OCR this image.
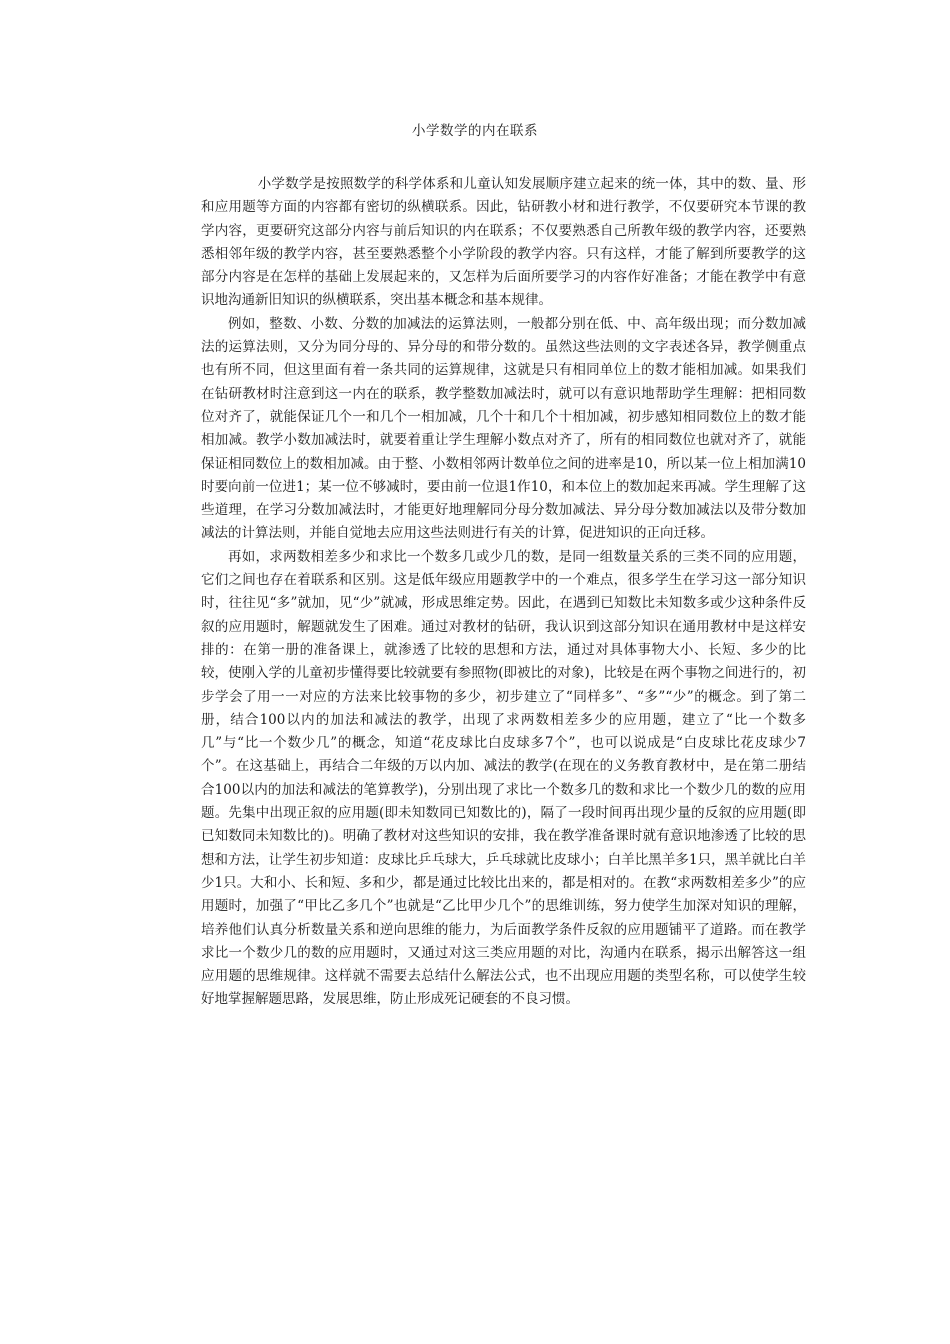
小学数学的内在联系

小学数学是按照数学的科学体系和儿童认知发展顺序建立起来的统一体，其中的数、量、形和应用题等方面的内容都有密切的纵横联系。因此，钻研教小材和进行教学，不仅要研究本节课的教学内容，更要研究这部分内容与前后知识的内在联系；不仅要熟悉自己所教年级的教学内容，还要熟悉相邻年级的教学内容，甚至要熟悉整个小学阶段的教学内容。只有这样，才能了解到所要教学的这部分内容是在怎样的基础上发展起来的，又怎样为后面所要学习的内容作好准备；才能在教学中有意识地沟通新旧知识的纵横联系，突出基本概念和基本规律。

例如，整数、小数、分数的加减法的运算法则，一般都分别在低、中、高年级出现；而分数加减法的运算法则，又分为同分母的、异分母的和带分数的。虽然这些法则的文字表述各异，教学侧重点也有所不同，但这里面有着一条共同的运算规律，这就是只有相同单位上的数才能相加减。如果我们在钻研教材时注意到这一内在的联系，教学整数加减法时，就可以有意识地帮助学生理解：把相同数位对齐了，就能保证几个一和几个一相加减，几个十和几个十相加减，初步感知相同数位上的数才能相加减。教学小数加减法时，就要着重让学生理解小数点对齐了，所有的相同数位也就对齐了，就能保证相同数位上的数相加减。由于整、小数相邻两计数单位之间的进率是10，所以某一位上相加满10时要向前一位进1；某一位不够减时，要由前一位退1作10，和本位上的数加起来再减。学生理解了这些道理，在学习分数加减法时，才能更好地理解同分母分数加减法、异分母分数加减法以及带分数加减法的计算法则，并能自觉地去应用这些法则进行有关的计算，促进知识的正向迁移。

再如，求两数相差多少和求比一个数多几或少几的数，是同一组数量关系的三类不同的应用题，它们之间也存在着联系和区别。这是低年级应用题教学中的一个难点，很多学生在学习这一部分知识时，往往见“多”就加，见“少”就减，形成思维定势。因此，在遇到已知数比未知数多或少这种条件反叙的应用题时，解题就发生了困难。通过对教材的钻研，我认识到这部分知识在通用教材中是这样安排的：在第一册的准备课上，就渗透了比较的思想和方法，通过对具体事物大小、长短、多少的比较，使刚入学的儿童初步懂得要比较就要有参照物(即被比的对象)，比较是在两个事物之间进行的，初步学会了用一一对应的方法来比较事物的多少，初步建立了“同样多”、“多”“少”的概念。到了第二册，结合100以内的加法和减法的教学，出现了求两数相差多少的应用题，建立了“比一个数多几”与“比一个数少几”的概念，知道“花皮球比白皮球多7个”，也可以说成是“白皮球比花皮球少7个”。在这基础上，再结合二年级的万以内加、减法的教学(在现在的义务教育教材中，是在第二册结合100以内的加法和减法的笔算教学)，分别出现了求比一个数多几的数和求比一个数少几的数的应用题。先集中出现正叙的应用题(即未知数同已知数比的)，隔了一段时间再出现少量的反叙的应用题(即已知数同未知数比的)。明确了教材对这些知识的安排，我在教学准备课时就有意识地渗透了比较的思想和方法，让学生初步知道：皮球比乒乓球大，乒乓球就比皮球小；白羊比黑羊多1只，黑羊就比白羊少1只。大和小、长和短、多和少，都是通过比较比出来的，都是相对的。在教“求两数相差多少”的应用题时，加强了“甲比乙多几个”也就是“乙比甲少几个”的思维训练，努力使学生加深对知识的理解，培养他们认真分析数量关系和逆向思维的能力，为后面教学条件反叙的应用题铺平了道路。而在教学求比一个数少几的数的应用题时，又通过对这三类应用题的对比，沟通内在联系，揭示出解答这一组应用题的思维规律。这样就不需要去总结什么解法公式，也不出现应用题的类型名称，可以使学生较好地掌握解题思路，发展思维，防止形成死记硬套的不良习惯。
